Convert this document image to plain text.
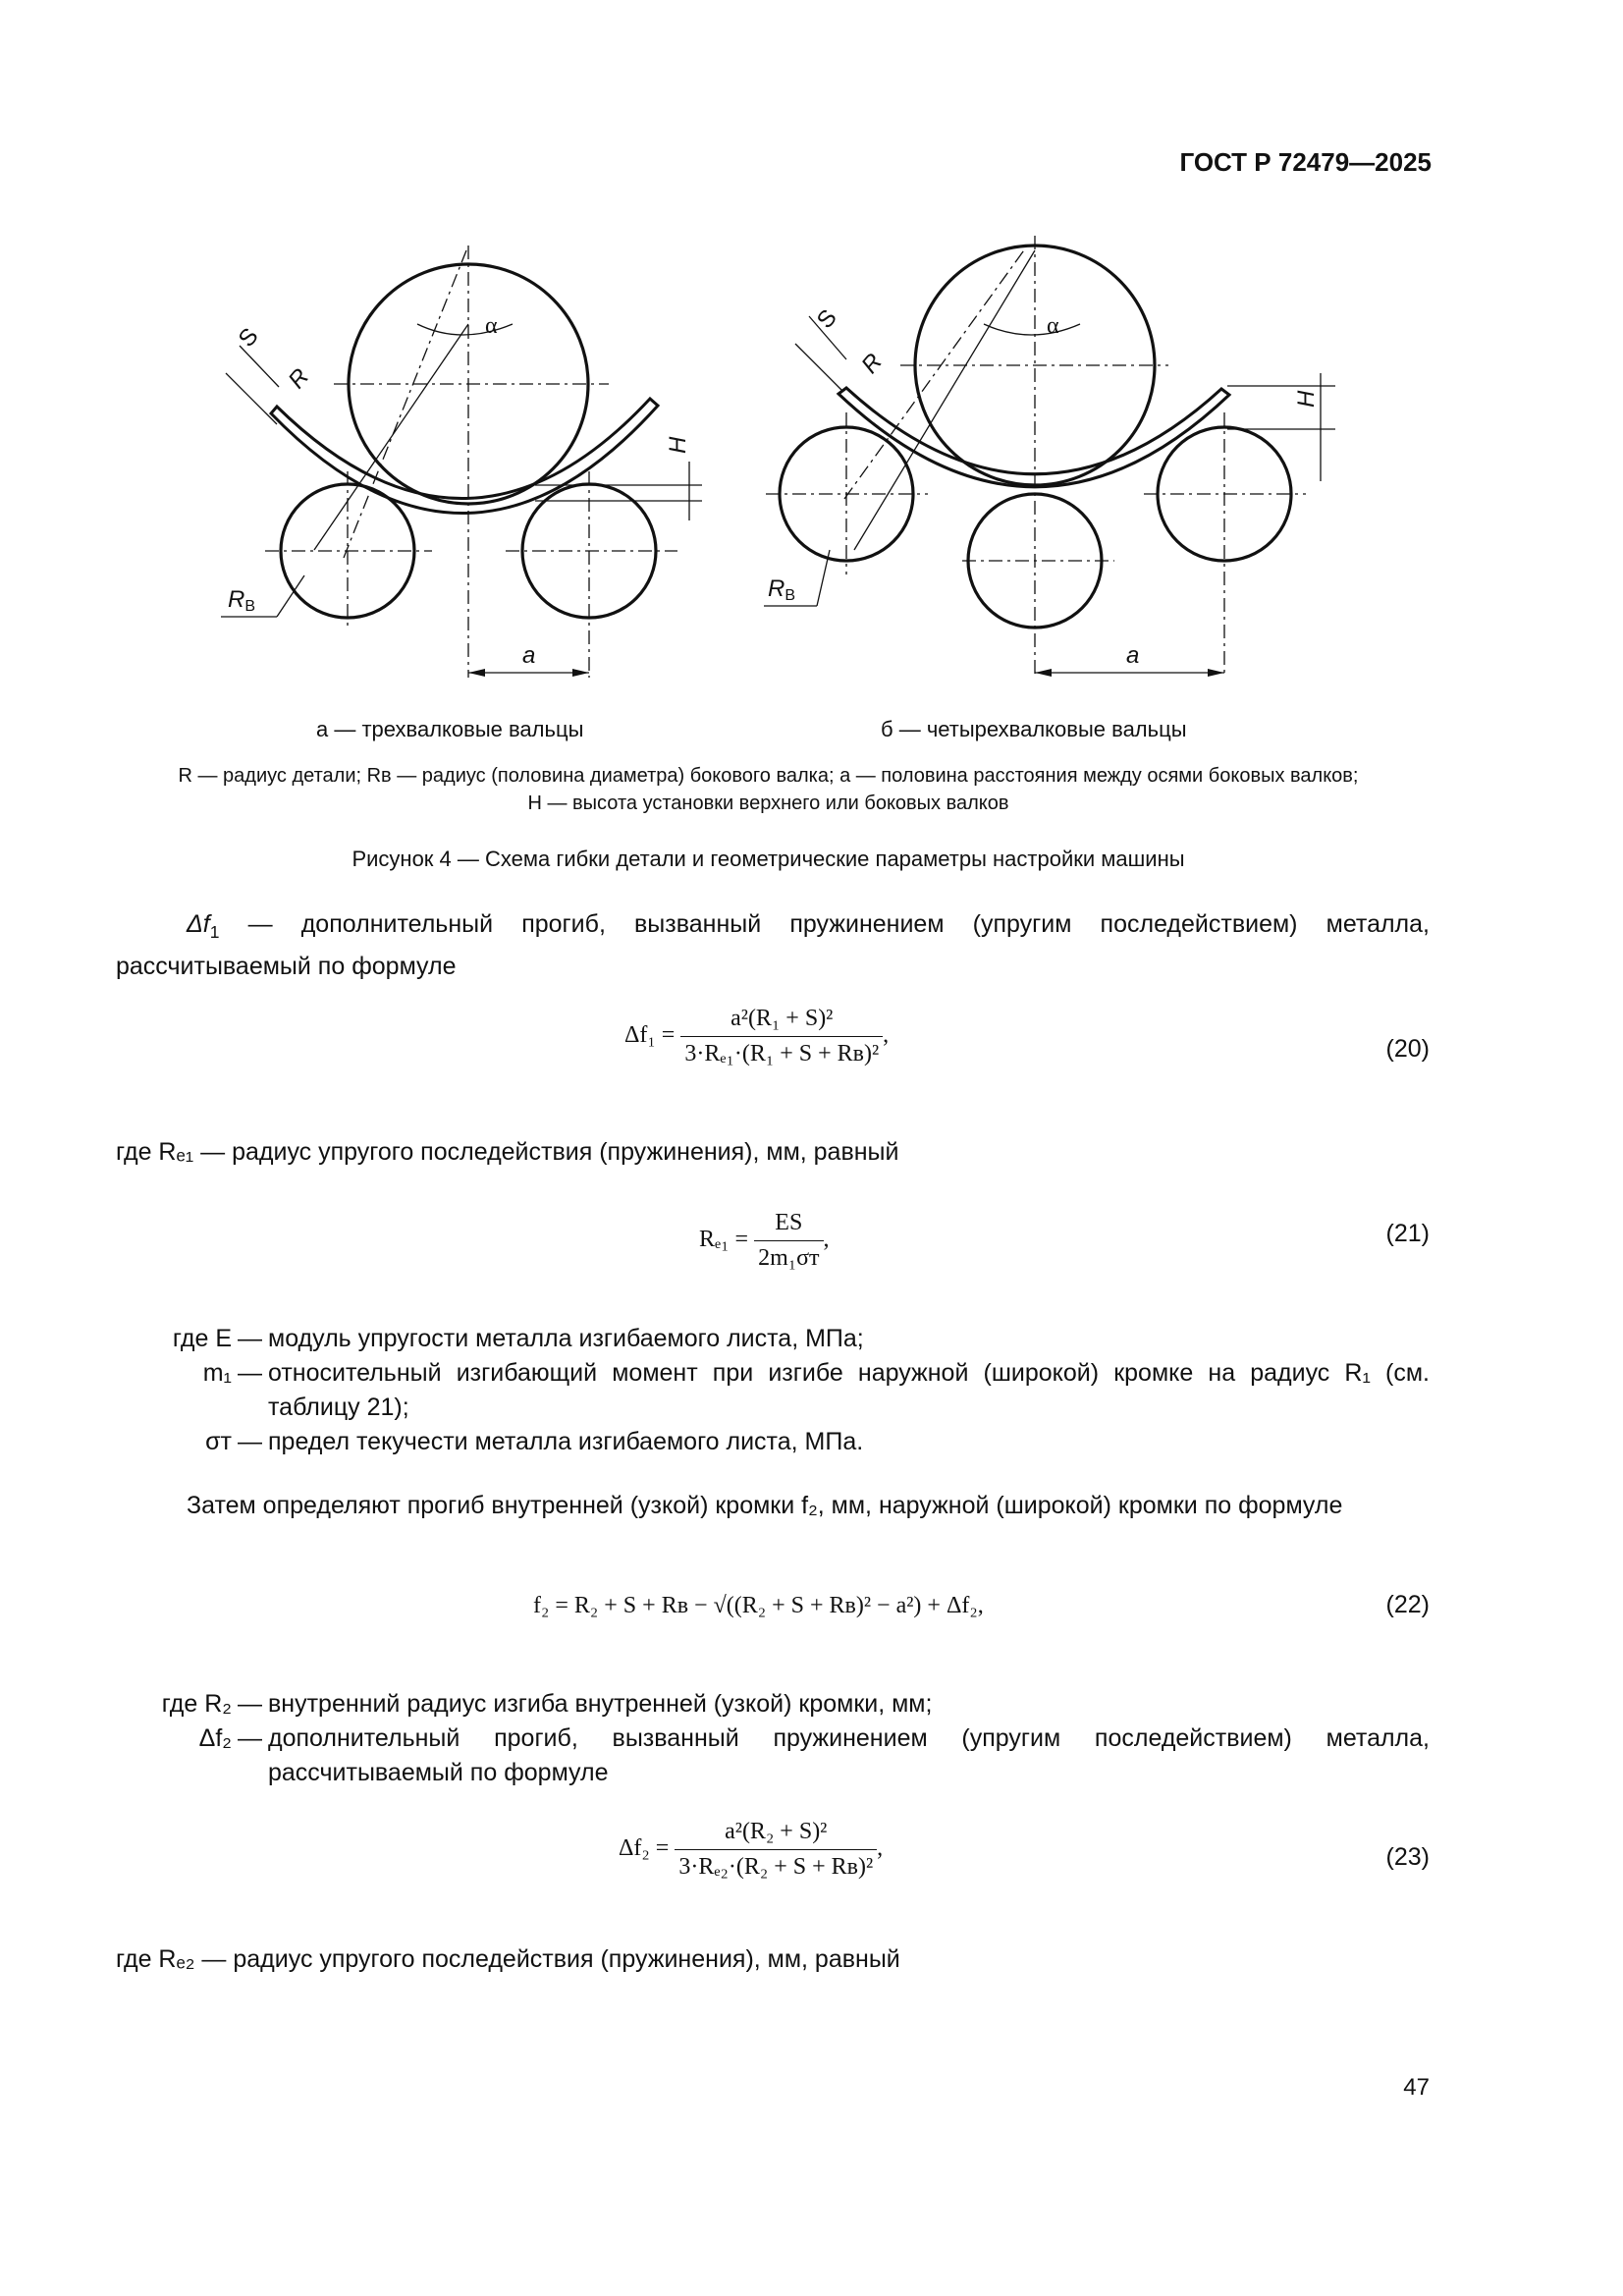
ГОСТ Р 72479—2025
S
R
α
H
RВ
a
S
R
α
H
RВ
a
а — трехвалковые вальцы	б — четырехвалковые вальцы
R — радиус детали; Rв — радиус (половина диаметра) бокового валка; a — половина расстояния между осями боковых валков;
H — высота установки верхнего или боковых валков
Рисунок 4 — Схема гибки детали и геометрические параметры настройки машины
$\Delta f_1$ — дополнительный прогиб, вызванный пружинением (упругим последействием) металла, рассчитываемый по формуле
$\Delta f_1 = \frac{\text{a²(R₁ + S)²}}{\text{3·Rₑ₁·(R₁ + S + Rв)²}}$ ,	(20)
где Rₑ₁ — радиус упругого последействия (пружинения), мм, равный
$R_{e1} = \frac{ES}{\text{2m₁σт}}$ ,	(21)
где E — модуль упругости металла изгибаемого листа, МПа;
m₁ — относительный изгибающий момент при изгибе наружной (широкой) кромке на радиус R₁ (см. таблицу 21);
σт — предел текучести металла изгибаемого листа, МПа.
Затем определяют прогиб внутренней (узкой) кромки f₂, мм, наружной (широкой) кромки по формуле
f₂ = R₂ + S + Rв − √((R₂ + S + Rв)² − a²) + Δf₂,	(22)
где R₂ — внутренний радиус изгиба внутренней (узкой) кромки, мм;
Δf₂ — дополнительный прогиб, вызванный пружинением (упругим последействием) металла, рассчитываемый по формуле
$\Delta f_2 = \frac{\text{a²(R₂ + S)²}}{\text{3·Rₑ₂·(R₂ + S + Rв)²}}$ ,	(23)
где Rₑ₂ — радиус упругого последействия (пружинения), мм, равный
47
